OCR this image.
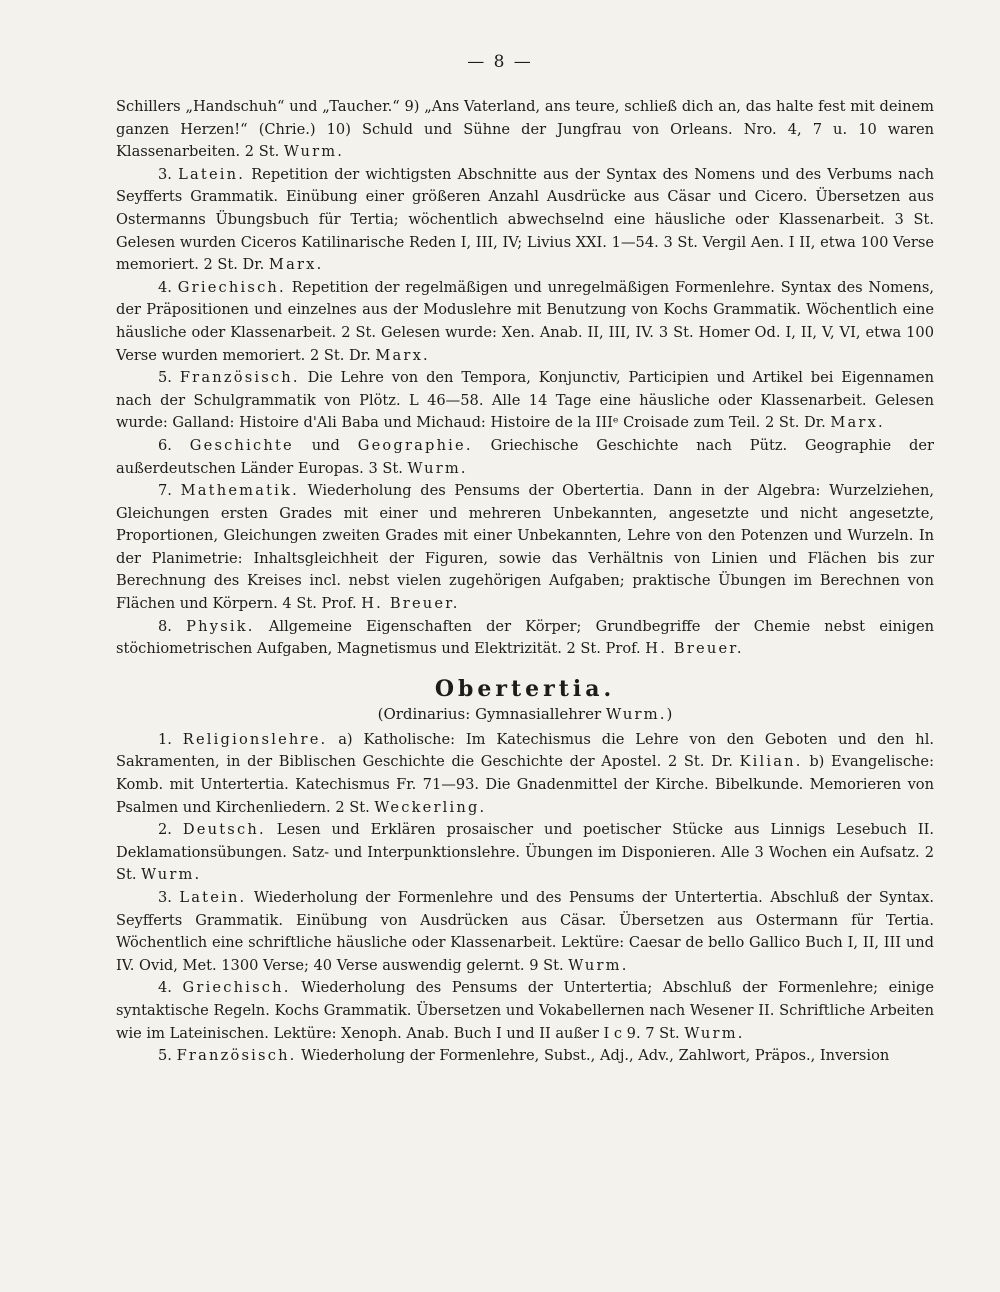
— 8 —

Schillers „Handschuh“ und „Taucher.“ 9) „Ans Vaterland, ans teure, schließ dich an, das halte fest mit deinem ganzen Herzen!“ (Chrie.) 10) Schuld und Sühne der Jungfrau von Orleans. Nro. 4, 7 u. 10 waren Klassenarbeiten. 2 St. Wurm.

3. Latein. Repetition der wichtigsten Abschnitte aus der Syntax des Nomens und des Verbums nach Seyfferts Grammatik. Einübung einer größeren Anzahl Ausdrücke aus Cäsar und Cicero. Übersetzen aus Ostermanns Übungsbuch für Tertia; wöchentlich abwechselnd eine häusliche oder Klassenarbeit. 3 St. Gelesen wurden Ciceros Katilinarische Reden I, III, IV; Livius XXI. 1—54. 3 St. Vergil Aen. I II, etwa 100 Verse memoriert. 2 St. Dr. Marx.

4. Griechisch. Repetition der regelmäßigen und unregelmäßigen Formenlehre. Syntax des Nomens, der Präpositionen und einzelnes aus der Moduslehre mit Benutzung von Kochs Grammatik. Wöchentlich eine häusliche oder Klassenarbeit. 2 St. Gelesen wurde: Xen. Anab. II, III, IV. 3 St. Homer Od. I, II, V, VI, etwa 100 Verse wurden memoriert. 2 St. Dr. Marx.

5. Französisch. Die Lehre von den Tempora, Konjunctiv, Participien und Artikel bei Eigennamen nach der Schulgrammatik von Plötz. L 46—58. Alle 14 Tage eine häusliche oder Klassenarbeit. Gelesen wurde: Galland: Histoire d'Ali Baba und Michaud: Histoire de la IIIᵉ Croisade zum Teil. 2 St. Dr. Marx.

6. Geschichte und Geographie. Griechische Geschichte nach Pütz. Geographie der außerdeutschen Länder Europas. 3 St. Wurm.

7. Mathematik. Wiederholung des Pensums der Obertertia. Dann in der Algebra: Wurzelziehen, Gleichungen ersten Grades mit einer und mehreren Unbekannten, angesetzte und nicht angesetzte, Proportionen, Gleichungen zweiten Grades mit einer Unbekannten, Lehre von den Potenzen und Wurzeln. In der Planimetrie: Inhaltsgleichheit der Figuren, sowie das Verhältnis von Linien und Flächen bis zur Berechnung des Kreises incl. nebst vielen zugehörigen Aufgaben; praktische Übungen im Berechnen von Flächen und Körpern. 4 St. Prof. H. Breuer.

8. Physik. Allgemeine Eigenschaften der Körper; Grundbegriffe der Chemie nebst einigen stöchiometrischen Aufgaben, Magnetismus und Elektrizität. 2 St. Prof. H. Breuer.

Obertertia.
(Ordinarius: Gymnasiallehrer Wurm.)

1. Religionslehre. a) Katholische: Im Katechismus die Lehre von den Geboten und den hl. Sakramenten, in der Biblischen Geschichte die Geschichte der Apostel. 2 St. Dr. Kilian. b) Evangelische: Komb. mit Untertertia. Katechismus Fr. 71—93. Die Gnadenmittel der Kirche. Bibelkunde. Memorieren von Psalmen und Kirchenliedern. 2 St. Weckerling.

2. Deutsch. Lesen und Erklären prosaischer und poetischer Stücke aus Linnigs Lesebuch II. Deklamationsübungen. Satz- und Interpunktionslehre. Übungen im Disponieren. Alle 3 Wochen ein Aufsatz. 2 St. Wurm.

3. Latein. Wiederholung der Formenlehre und des Pensums der Untertertia. Abschluß der Syntax. Seyfferts Grammatik. Einübung von Ausdrücken aus Cäsar. Übersetzen aus Ostermann für Tertia. Wöchentlich eine schriftliche häusliche oder Klassenarbeit. Lektüre: Caesar de bello Gallico Buch I, II, III und IV. Ovid, Met. 1300 Verse; 40 Verse auswendig gelernt. 9 St. Wurm.

4. Griechisch. Wiederholung des Pensums der Untertertia; Abschluß der Formenlehre; einige syntaktische Regeln. Kochs Grammatik. Übersetzen und Vokabellernen nach Wesener II. Schriftliche Arbeiten wie im Lateinischen. Lektüre: Xenoph. Anab. Buch I und II außer I c 9. 7 St. Wurm.

5. Französisch. Wiederholung der Formenlehre, Subst., Adj., Adv., Zahlwort, Präpos., Inversion
